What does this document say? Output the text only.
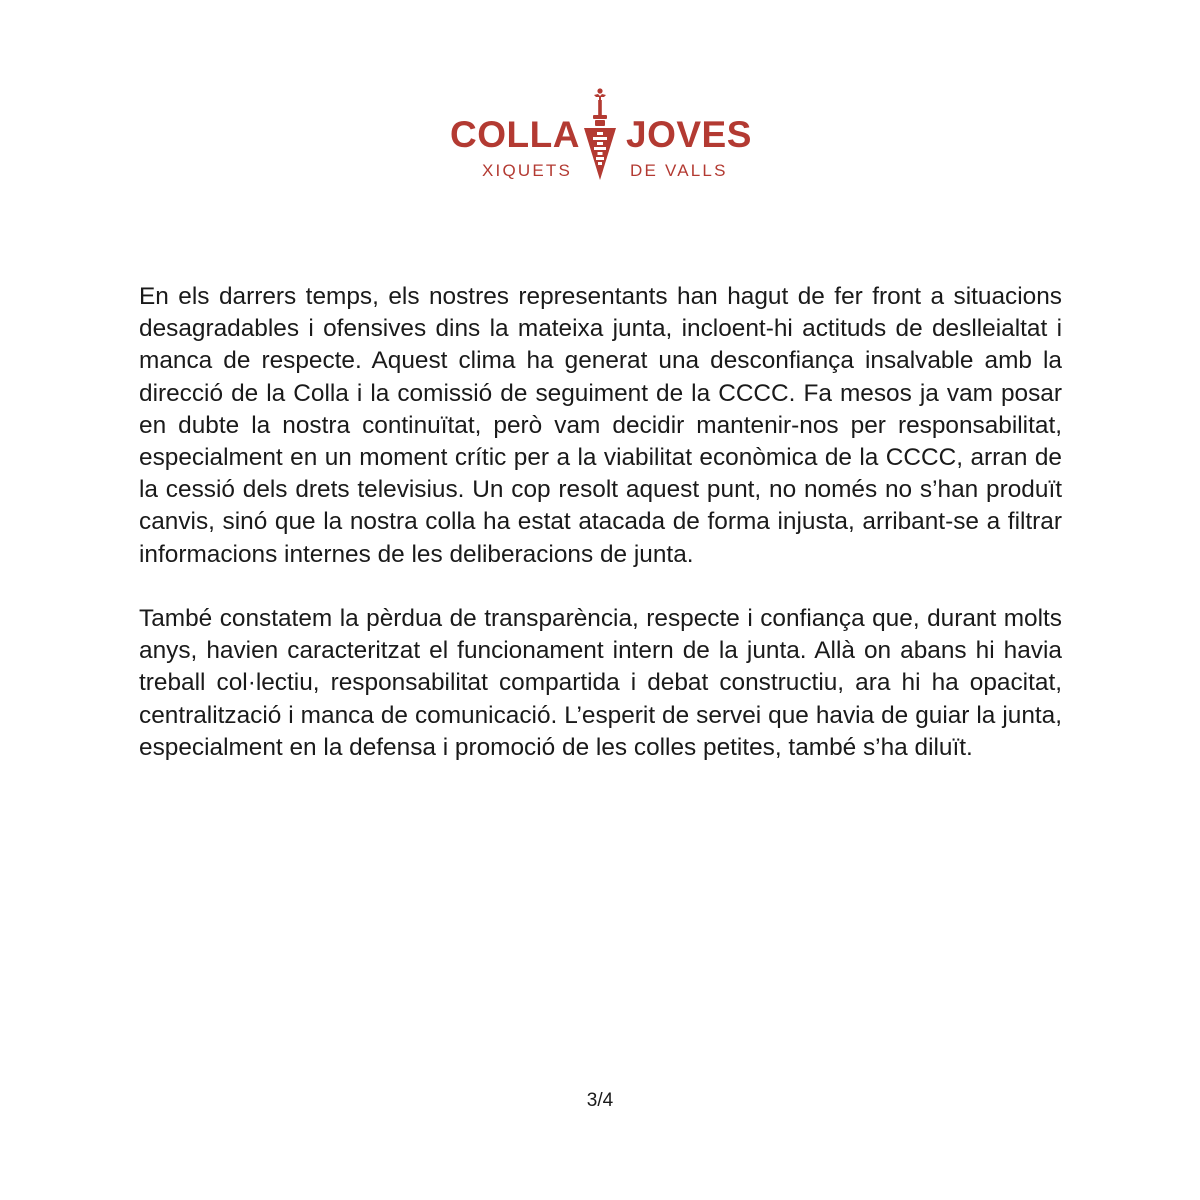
COLLA JOVES
XIQUETS	DE VALLS

En els darrers temps, els nostres representants han hagut de fer front a situacions desagradables i ofensives dins la mateixa junta, incloent-hi actituds de deslleialtat i manca de respecte. Aquest clima ha generat una desconfiança insalvable amb la direcció de la Colla i la comissió de seguiment de la CCCC. Fa mesos ja vam posar en dubte la nostra continuïtat, però vam decidir mantenir-nos per responsabilitat, especialment en un moment crític per a la viabilitat econòmica de la CCCC, arran de la cessió dels drets televisius. Un cop resolt aquest punt, no només no s’han produït canvis, sinó que la nostra colla ha estat atacada de forma injusta, arribant-se a filtrar informacions internes de les deliberacions de junta.

També constatem la pèrdua de transparència, respecte i confiança que, durant molts anys, havien caracteritzat el funcionament intern de la junta. Allà on abans hi havia treball col·lectiu, responsabilitat compartida i debat constructiu, ara hi ha opacitat, centralització i manca de comunicació. L’esperit de servei que havia de guiar la junta, especialment en la defensa i promoció de les colles petites, també s’ha diluït.

3/4
